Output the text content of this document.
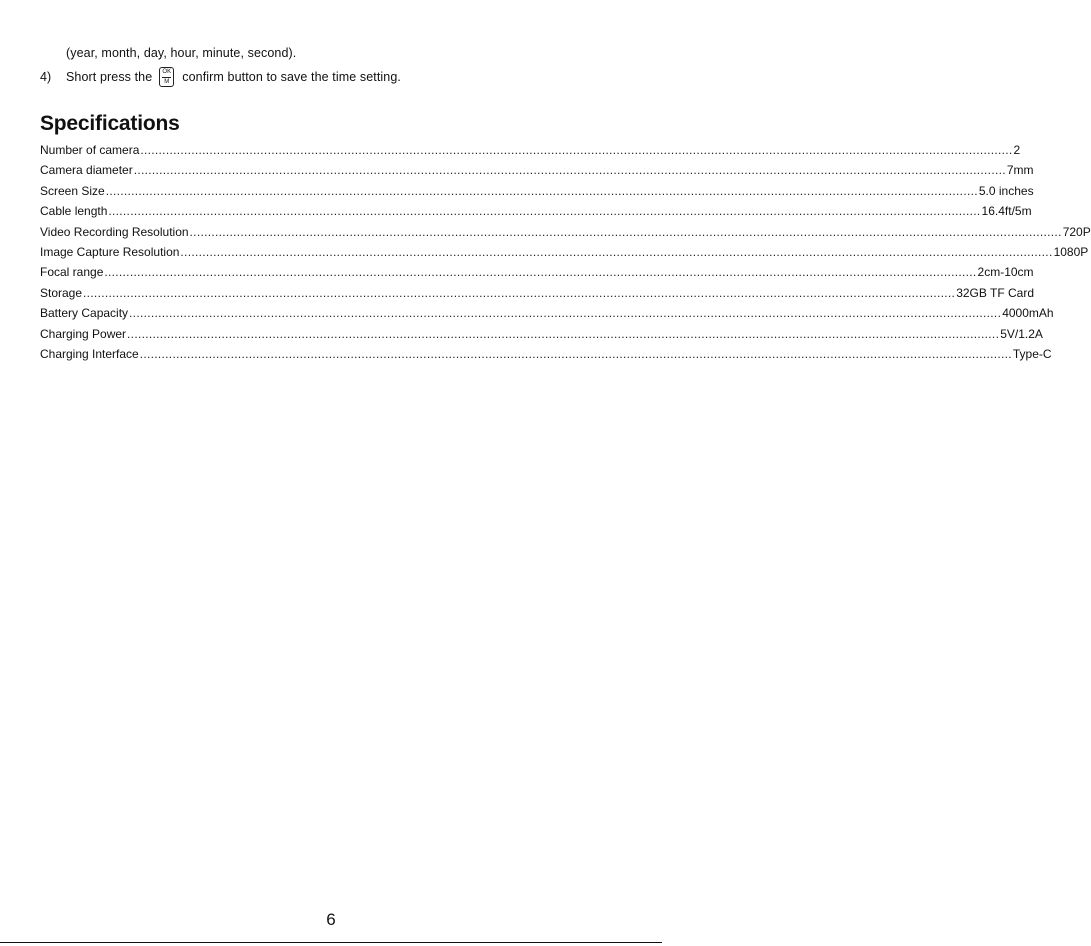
(year, month, day, hour, minute, second).
4)	Short press the OK
M confirm button to save the time setting.
Specifications
Number of camera ................................................................................................................................................................................................................................................ 2
Camera diameter ................................................................................................................................................................................................................................................ 7mm
Screen Size ................................................................................................................................................................................................................................................ 5.0 inches
Cable length ................................................................................................................................................................................................................................................ 16.4ft/5m
Video Recording Resolution ................................................................................................................................................................................................................................................ 720P
Image Capture Resolution ................................................................................................................................................................................................................................................ 1080P
Focal range ................................................................................................................................................................................................................................................ 2cm-10cm
Storage ................................................................................................................................................................................................................................................ 32GB TF Card
Battery Capacity ................................................................................................................................................................................................................................................ 4000mAh
Charging Power ................................................................................................................................................................................................................................................ 5V/1.2A
Charging Interface ................................................................................................................................................................................................................................................ Type-C
6
